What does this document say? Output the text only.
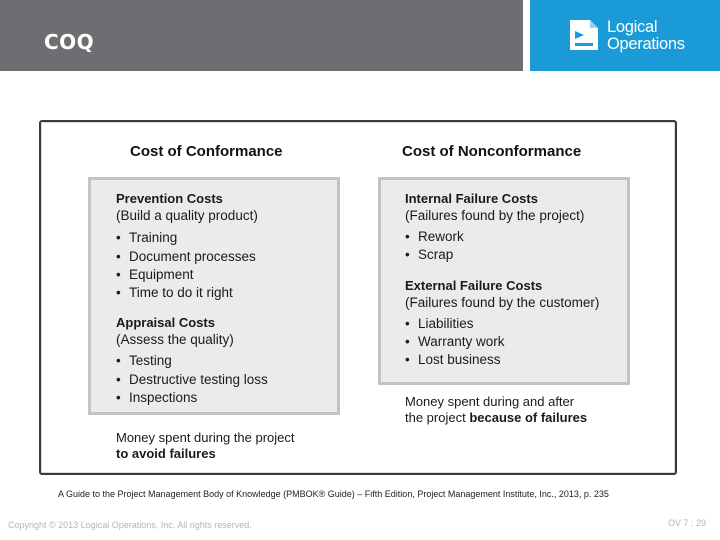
COQ
Logical
Operations
Cost of Conformance	Cost of Nonconformance
Prevention Costs
(Build a quality product)
• Training
• Document processes
• Equipment
• Time to do it right
Appraisal Costs
(Assess the quality)
• Testing
• Destructive testing loss
• Inspections
Internal Failure Costs
(Failures found by the project)
• Rework
• Scrap
External Failure Costs
(Failures found by the customer)
• Liabilities
• Warranty work
• Lost business
Money spent during the project
to avoid failures
Money spent during and after
the project because of failures
A Guide to the Project Management Body of Knowledge (PMBOK® Guide) – Fifth Edition, Project Management Institute, Inc., 2013, p. 235
Copyright © 2013 Logical Operations, Inc. All rights reserved.	OV 7 : 29
